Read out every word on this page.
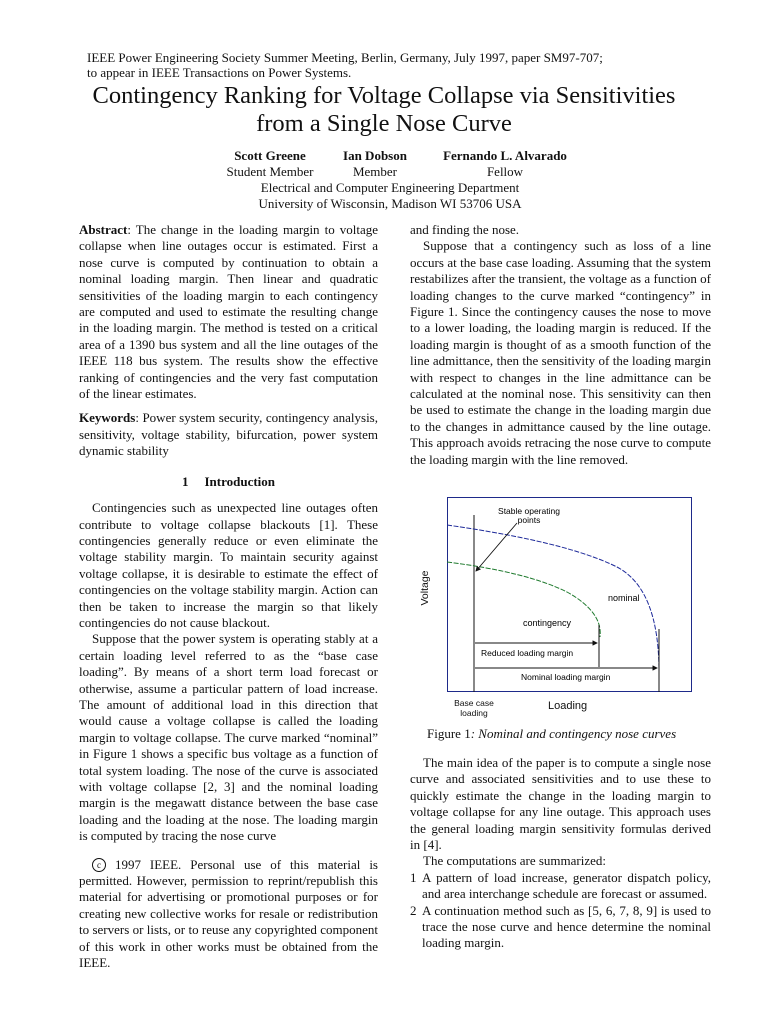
IEEE Power Engineering Society Summer Meeting, Berlin, Germany, July 1997, paper SM97-707;
to appear in IEEE Transactions on Power Systems.
Contingency Ranking for Voltage Collapse via Sensitivities
from a Single Nose Curve
Scott Greene
Student Member
Ian Dobson
Member
Fernando L. Alvarado
Fellow
Electrical and Computer Engineering Department
University of Wisconsin, Madison WI 53706 USA

Abstract: The change in the loading margin to voltage collapse when line outages occur is estimated. First a nose curve is computed by continuation to obtain a nominal loading margin. Then linear and quadratic sensitivities of the loading margin to each contingency are computed and used to estimate the resulting change in the loading margin. The method is tested on a critical area of a 1390 bus system and all the line outages of the IEEE 118 bus system. The results show the effective ranking of contingencies and the very fast computation of the linear estimates.

Keywords: Power system security, contingency analysis, sensitivity, voltage stability, bifurcation, power system dynamic stability

1 Introduction

Contingencies such as unexpected line outages often contribute to voltage collapse blackouts [1]. These contingencies generally reduce or even eliminate the voltage stability margin. To maintain security against voltage collapse, it is desirable to estimate the effect of contingencies on the voltage stability margin. Action can then be taken to increase the margin so that likely contingencies do not cause blackout.

Suppose that the power system is operating stably at a certain loading level referred to as the “base case loading”. By means of a short term load forecast or otherwise, assume a particular pattern of load increase. The amount of additional load in this direction that would cause a voltage collapse is called the loading margin to voltage collapse. The curve marked “nominal” in Figure 1 shows a specific bus voltage as a function of total system loading. The nose of the curve is associated with voltage collapse [2, 3] and the nominal loading margin is the megawatt distance between the base case loading and the loading at the nose. The loading margin is computed by tracing the nose curve

c 1997 IEEE. Personal use of this material is permitted. However, permission to reprint/republish this material for advertising or promotional purposes or for creating new collective works for resale or redistribution to servers or lists, or to reuse any copyrighted component of this work in other works must be obtained from the IEEE.

and finding the nose.

Suppose that a contingency such as loss of a line occurs at the base case loading. Assuming that the system restabilizes after the transient, the voltage as a function of loading changes to the curve marked “contingency” in Figure 1. Since the contingency causes the nose to move to a lower loading, the loading margin is reduced. If the loading margin is thought of as a smooth function of the line admittance, then the sensitivity of the loading margin with respect to changes in the line admittance can be calculated at the nominal nose. This sensitivity can then be used to estimate the change in the loading margin due to the changes in admittance caused by the line outage. This approach avoids retracing the nose curve to compute the loading margin with the line removed.

Stable operating
points
nominal
contingency
Reduced loading margin
Nominal loading margin
Voltage
Base case
loading
Loading
Figure 1: Nominal and contingency nose curves

The main idea of the paper is to compute a single nose curve and associated sensitivities and to use these to quickly estimate the change in the loading margin to voltage collapse for any line outage. This approach uses the general loading margin sensitivity formulas derived in [4].

The computations are summarized:

1 A pattern of load increase, generator dispatch policy, and area interchange schedule are forecast or assumed.
2 A continuation method such as [5, 6, 7, 8, 9] is used to trace the nose curve and hence determine the nominal loading margin.
